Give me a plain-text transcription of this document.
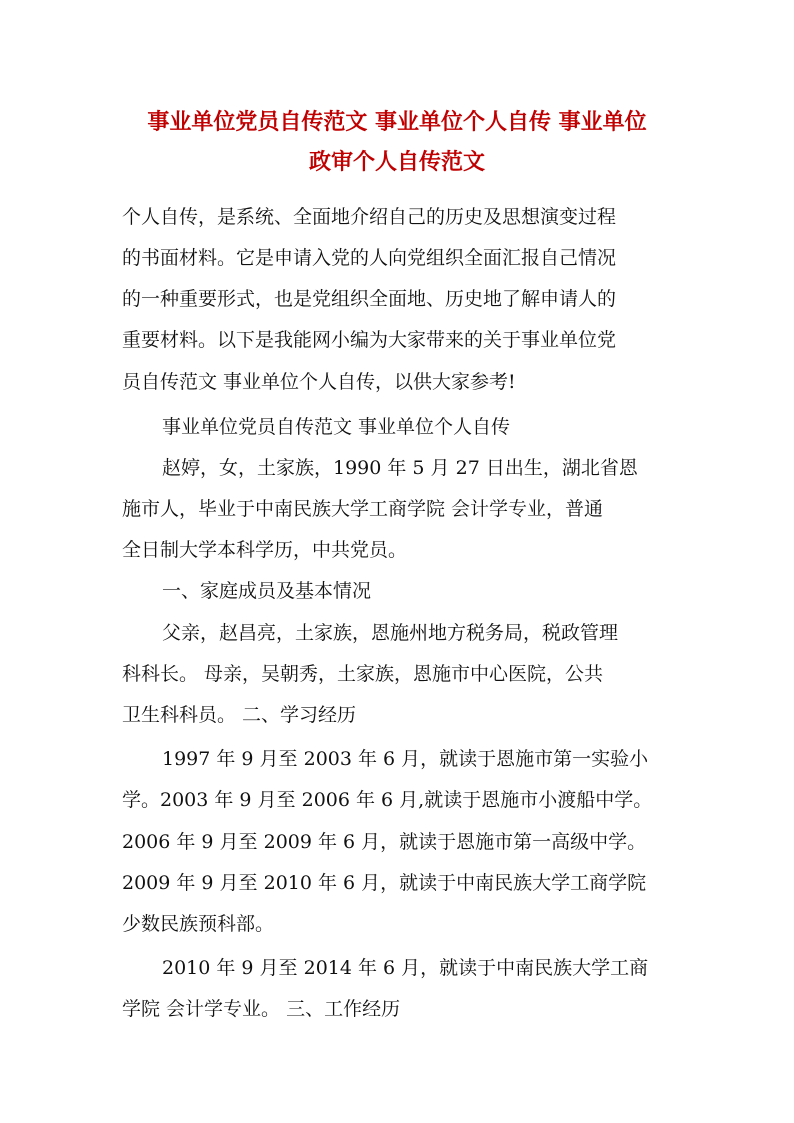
事业单位党员自传范文 事业单位个人自传 事业单位
政审个人自传范文
个人自传，是系统、全面地介绍自己的历史及思想演变过程
的书面材料。它是申请入党的人向党组织全面汇报自己情况
的一种重要形式，也是党组织全面地、历史地了解申请人的
重要材料。以下是我能网小编为大家带来的关于事业单位党
员自传范文 事业单位个人自传，以供大家参考!
事业单位党员自传范文 事业单位个人自传
赵婷，女，土家族，1990 年 5 月 27 日出生，湖北省恩
施市人，毕业于中南民族大学工商学院 会计学专业，普通
全日制大学本科学历，中共党员。
一、家庭成员及基本情况
父亲，赵昌亮，土家族，恩施州地方税务局，税政管理
科科长。 母亲，吴朝秀，土家族，恩施市中心医院，公共
卫生科科员。 二、学习经历
1997 年 9 月至 2003 年 6 月，就读于恩施市第一实验小
学。2003 年 9 月至 2006 年 6 月,就读于恩施市小渡船中学。
2006 年 9 月至 2009 年 6 月，就读于恩施市第一高级中学。
2009 年 9 月至 2010 年 6 月，就读于中南民族大学工商学院
少数民族预科部。
2010 年 9 月至 2014 年 6 月，就读于中南民族大学工商
学院 会计学专业。 三、工作经历
